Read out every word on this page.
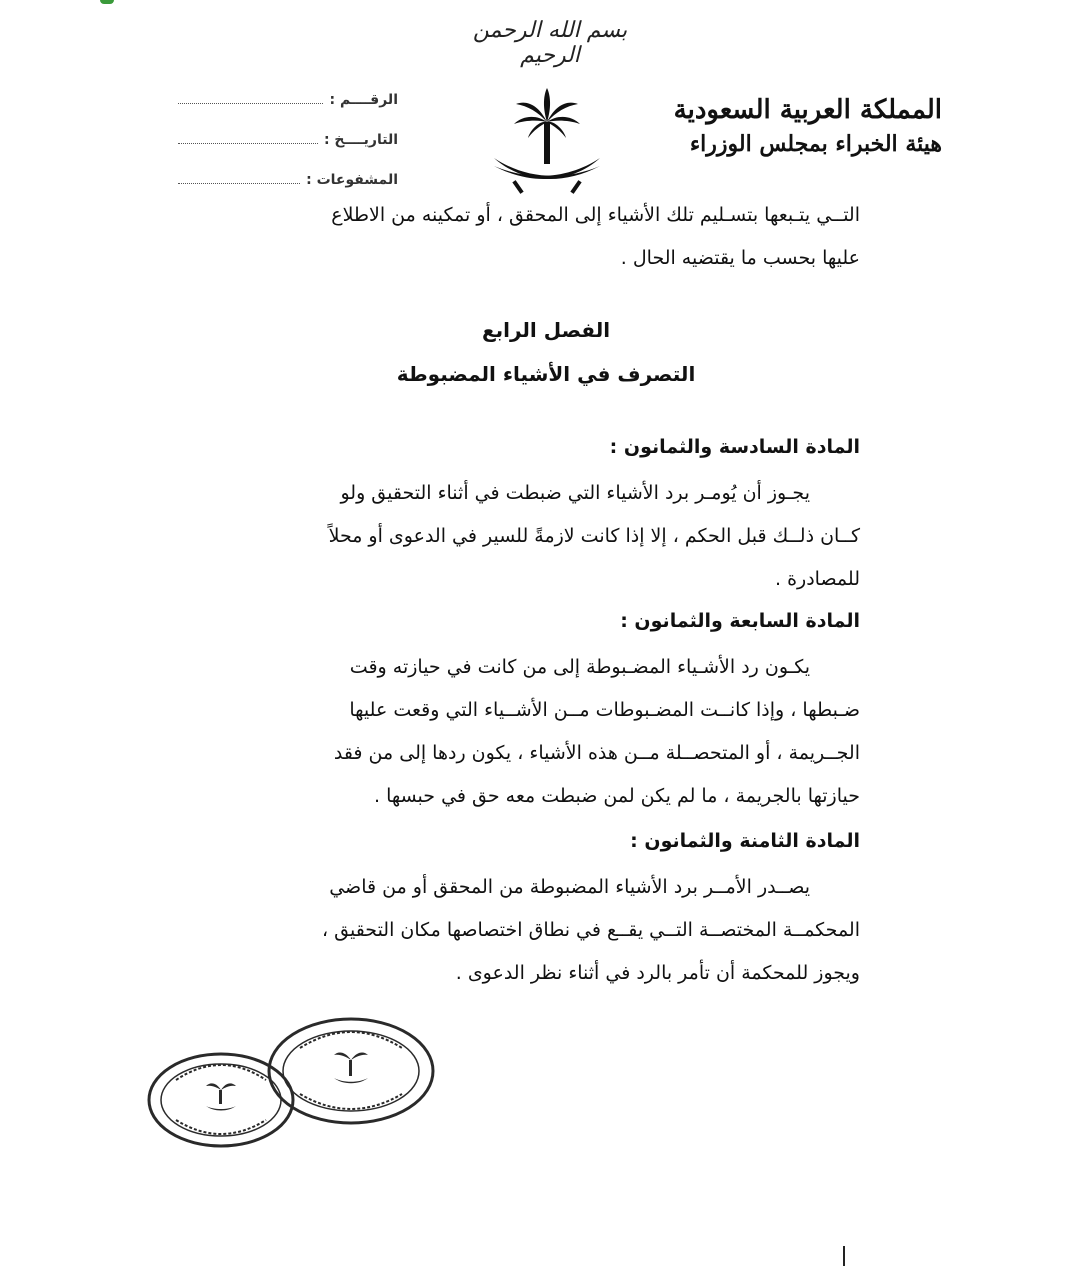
بسم الله الرحمن الرحيم
المملكة العربية السعودية
هيئة الخبراء بمجلس الوزراء
الرقــــم :
التاريــــخ :
المشفوعات :

التــي يتـبعها بتسـليم تلك الأشياء إلى المحقق ، أو تمكينه من الاطلاع

عليها بحسب ما يقتضيه الحال .

الفصل الرابع
التصرف في الأشياء المضبوطة
المادة السادسة والثمانون :

يجـوز أن يُومـر برد الأشياء التي ضبطت في أثناء التحقيق ولو

كــان ذلــك قبل الحكم ، إلا إذا كانت لازمةً للسير في الدعوى أو محلاً

للمصادرة .

المادة السابعة والثمانون :

يكـون رد الأشـياء المضـبوطة إلى من كانت في حيازته وقت

ضـبطها ، وإذا كانــت المضـبوطات مــن الأشــياء التي وقعت عليها

الجــريمة ، أو المتحصــلة مــن هذه الأشياء ، يكون ردها إلى من فقد

حيازتها بالجريمة ، ما لم يكن لمن ضبطت معه حق في حبسها .

المادة الثامنة والثمانون :

يصــدر الأمــر برد الأشياء المضبوطة من المحقق أو من قاضي

المحكمــة المختصــة التــي يقــع في نطاق اختصاصها مكان التحقيق ،

ويجوز للمحكمة أن تأمر بالرد في أثناء نظر الدعوى .
